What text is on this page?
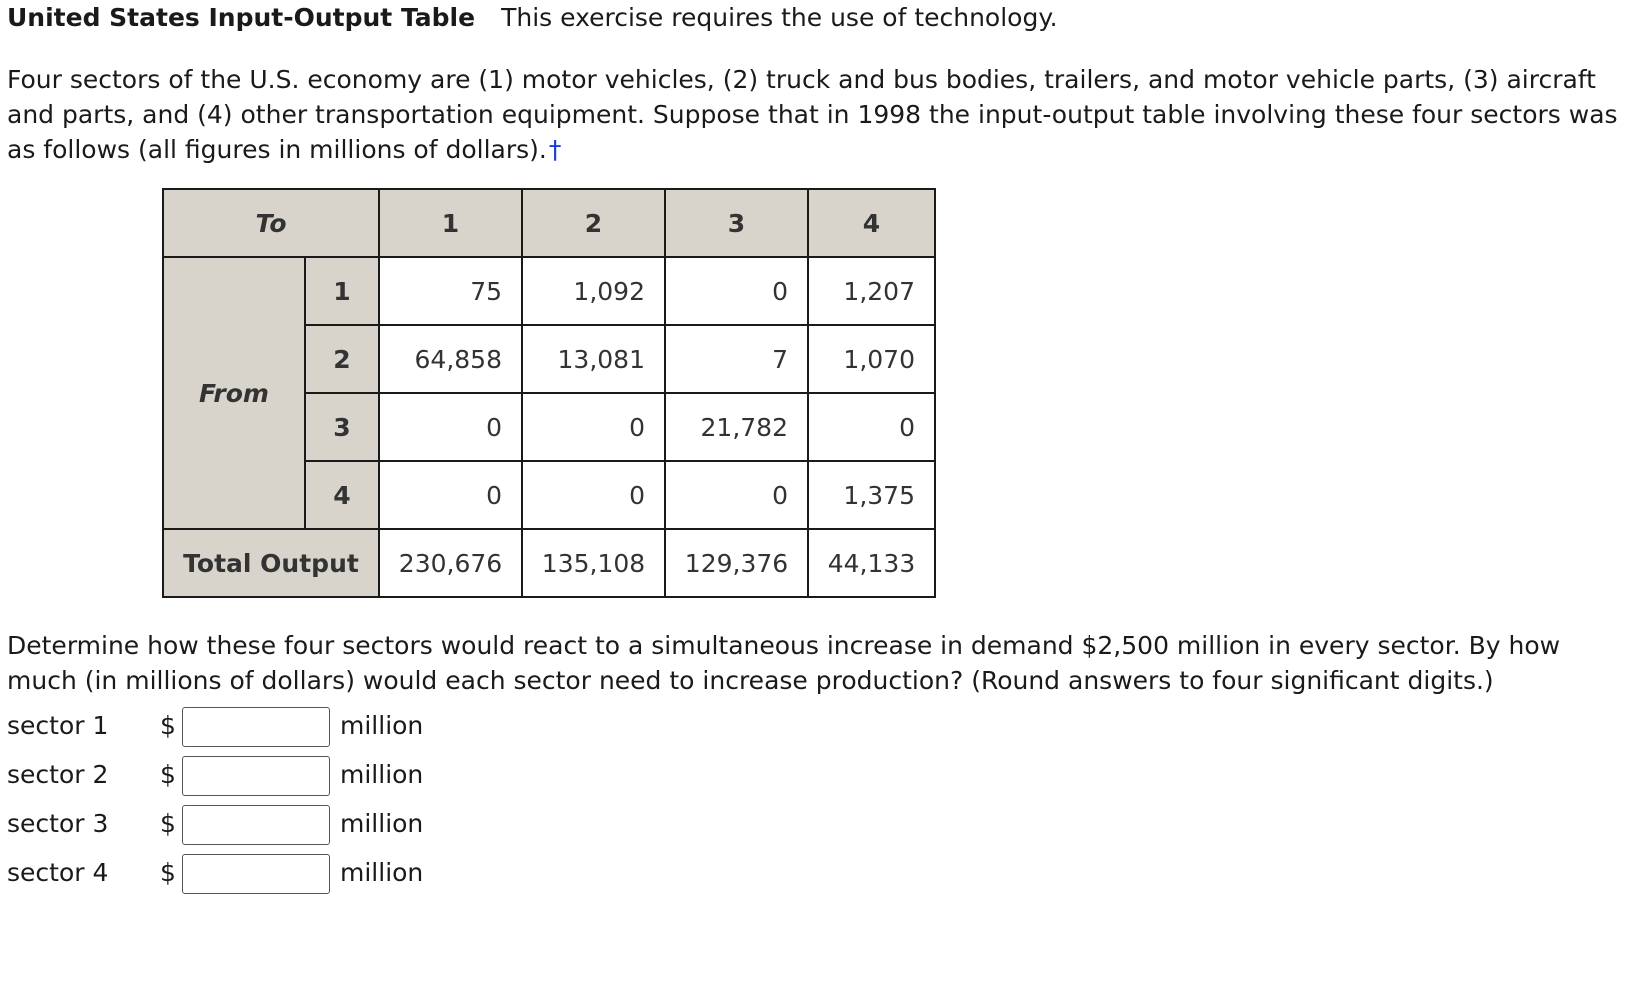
United States Input-Output Table This exercise requires the use of technology.
Four sectors of the U.S. economy are (1) motor vehicles, (2) truck and bus bodies, trailers, and motor vehicle parts, (3) aircraft and parts, and (4) other transportation equipment. Suppose that in 1998 the input-output table involving these four sectors was as follows (all figures in millions of dollars).†
To		1	2	3	4
From	1	75	1,092	0	1,207
	2	64,858	13,081	7	1,070
	3	0	0	21,782	0
	4	0	0	0	1,375
Total Output		230,676	135,108	129,376	44,133
Determine how these four sectors would react to a simultaneous increase in demand $2,500 million in every sector. By how much (in millions of dollars) would each sector need to increase production? (Round answers to four significant digits.)
sector 1 $	million
sector 2 $	million
sector 3 $	million
sector 4 $	million
